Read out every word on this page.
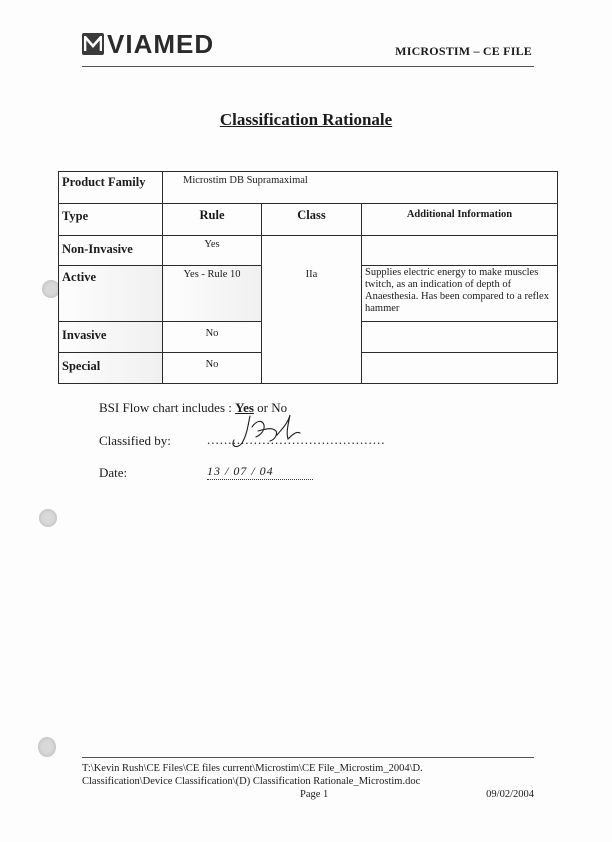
VIAMED	MICROSTIM – CE FILE
Classification Rationale
Product Family	Microstim DB Supramaximal		
Type	Rule	Class	Additional Information
Non-Invasive	Yes	IIa	
Active	Yes - Rule 10		Supplies electric energy to make muscles twitch, as an indication of depth of Anaesthesia. Has been compared to a reflex hammer
Invasive	No		
Special	No		
BSI Flow chart includes : Yes or No
Classified by:	..........................................
Date:	13 / 07 / 04
T:\Kevin Rush\CE Files\CE files current\Microstim\CE File_Microstim_2004\D.
Classification\Device Classification\(D) Classification Rationale_Microstim.doc
Page 1	09/02/2004
